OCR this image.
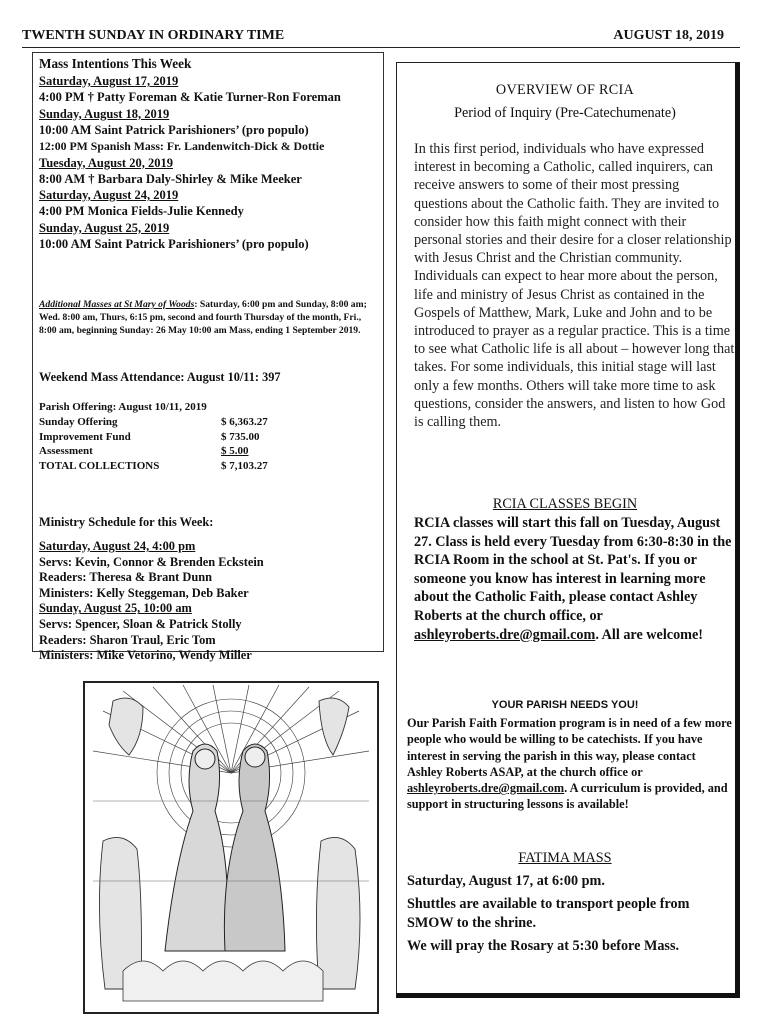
TWENTH SUNDAY IN ORDINARY TIME	AUGUST 18, 2019
Mass Intentions This Week
Saturday, August 17, 2019
4:00 PM † Patty Foreman & Katie Turner-Ron Foreman
Sunday, August 18, 2019
10:00 AM Saint Patrick Parishioners’ (pro populo)
12:00 PM Spanish Mass: Fr. Landenwitch-Dick & Dottie
Tuesday, August 20, 2019
8:00 AM † Barbara Daly-Shirley & Mike Meeker
Saturday, August 24, 2019
4:00 PM Monica Fields-Julie Kennedy
Sunday, August 25, 2019
10:00 AM Saint Patrick Parishioners’ (pro populo)
Additional Masses at St Mary of Woods: Saturday, 6:00 pm and Sunday, 8:00 am; Wed. 8:00 am, Thurs, 6:15 pm, second and fourth Thursday of the month, Fri., 8:00 am, beginning Sunday: 26 May 10:00 am Mass, ending 1 September 2019.
Weekend Mass Attendance: August 10/11: 397
Parish Offering: August 10/11, 2019
Sunday Offering	$ 6,363.27
Improvement Fund	$ 735.00
Assessment	$ 5.00
TOTAL COLLECTIONS	$ 7,103.27
Ministry Schedule for this Week:
Saturday, August 24, 4:00 pm
Servs: Kevin, Connor & Brenden Eckstein
Readers: Theresa & Brant Dunn
Ministers: Kelly Steggeman, Deb Baker
Sunday, August 25, 10:00 am
Servs: Spencer, Sloan & Patrick Stolly
Readers: Sharon Traul, Eric Tom
Ministers: Mike Vetorino, Wendy Miller
OVERVIEW OF RCIA
Period of Inquiry (Pre-Catechumenate)
In this first period, individuals who have expressed interest in becoming a Catholic, called inquirers, can receive answers to some of their most pressing questions about the Catholic faith. They are invited to consider how this faith might connect with their personal stories and their desire for a closer relationship with Jesus Christ and the Christian community. Individuals can expect to hear more about the person, life and ministry of Jesus Christ as contained in the Gospels of Matthew, Mark, Luke and John and to be introduced to prayer as a regular practice. This is a time to see what Catholic life is all about – however long that takes. For some individuals, this initial stage will last only a few months. Others will take more time to ask questions, consider the answers, and listen to how God is calling them.
RCIA CLASSES BEGIN
RCIA classes will start this fall on Tuesday, August 27. Class is held every Tuesday from 6:30-8:30 in the RCIA Room in the school at St. Pat's. If you or someone you know has interest in learning more about the Catholic Faith, please contact Ashley Roberts at the church office, or ashleyroberts.dre@gmail.com. All are welcome!
YOUR PARISH NEEDS YOU!
Our Parish Faith Formation program is in need of a few more people who would be willing to be catechists. If you have interest in serving the parish in this way, please contact Ashley Roberts ASAP, at the church office or ashleyroberts.dre@gmail.com. A curriculum is provided, and support in structuring lessons is available!
FATIMA MASS
Saturday, August 17, at 6:00 pm.
Shuttles are available to transport people from SMOW to the shrine.
We will pray the Rosary at 5:30 before Mass.
